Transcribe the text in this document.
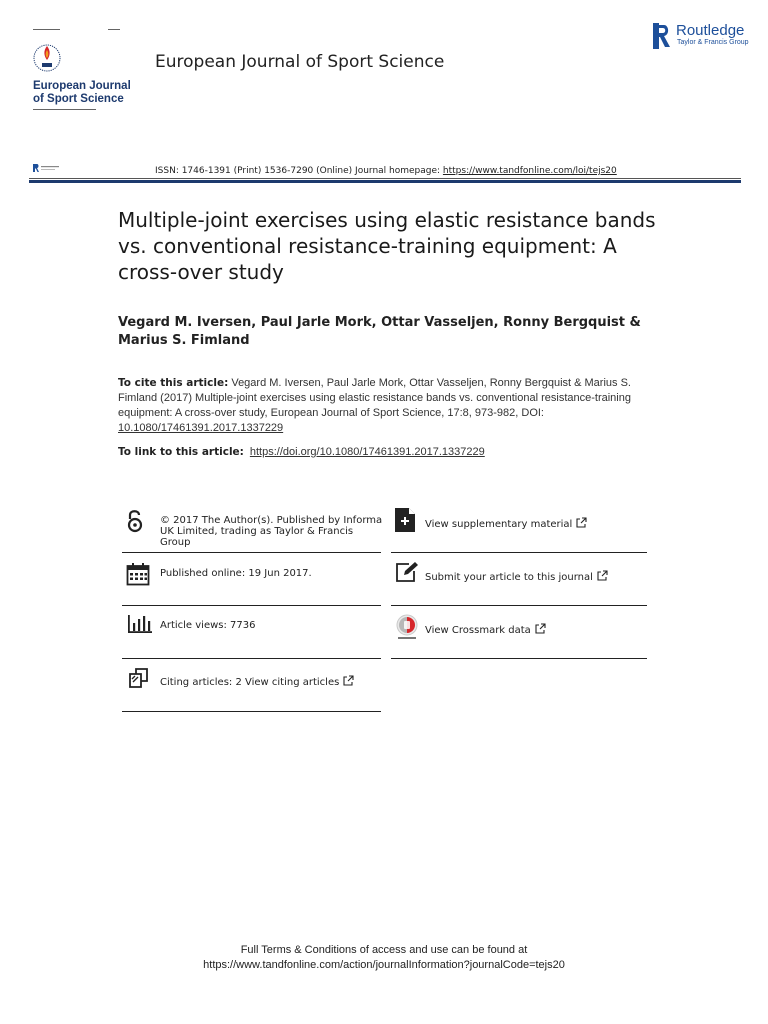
▬▬▬▬▬▬▬▬▬	▬▬▬▬
European Journal
of Sport Science
▬▬▬▬▬▬▬▬▬▬▬▬▬▬▬▬▬▬▬▬▬
European Journal of Sport Science
Routledge
Taylor & Francis Group
ISSN: 1746-1391 (Print) 1536-7290 (Online) Journal homepage: https://www.tandfonline.com/loi/tejs20
Multiple-joint exercises using elastic resistance bands vs. conventional resistance-training equipment: A cross-over study
Vegard M. Iversen, Paul Jarle Mork, Ottar Vasseljen, Ronny Bergquist & Marius S. Fimland
To cite this article: Vegard M. Iversen, Paul Jarle Mork, Ottar Vasseljen, Ronny Bergquist & Marius S. Fimland (2017) Multiple-joint exercises using elastic resistance bands vs. conventional resistance-training equipment: A cross-over study, European Journal of Sport Science, 17:8, 973-982, DOI: 10.1080/17461391.2017.1337229
To link to this article: https://doi.org/10.1080/17461391.2017.1337229
© 2017 The Author(s). Published by Informa UK Limited, trading as Taylor & Francis Group
Published online: 19 Jun 2017.
Article views: 7736
Citing articles: 2 View citing articles
View supplementary material
Submit your article to this journal
View Crossmark data
Full Terms & Conditions of access and use can be found at
https://www.tandfonline.com/action/journalInformation?journalCode=tejs20
